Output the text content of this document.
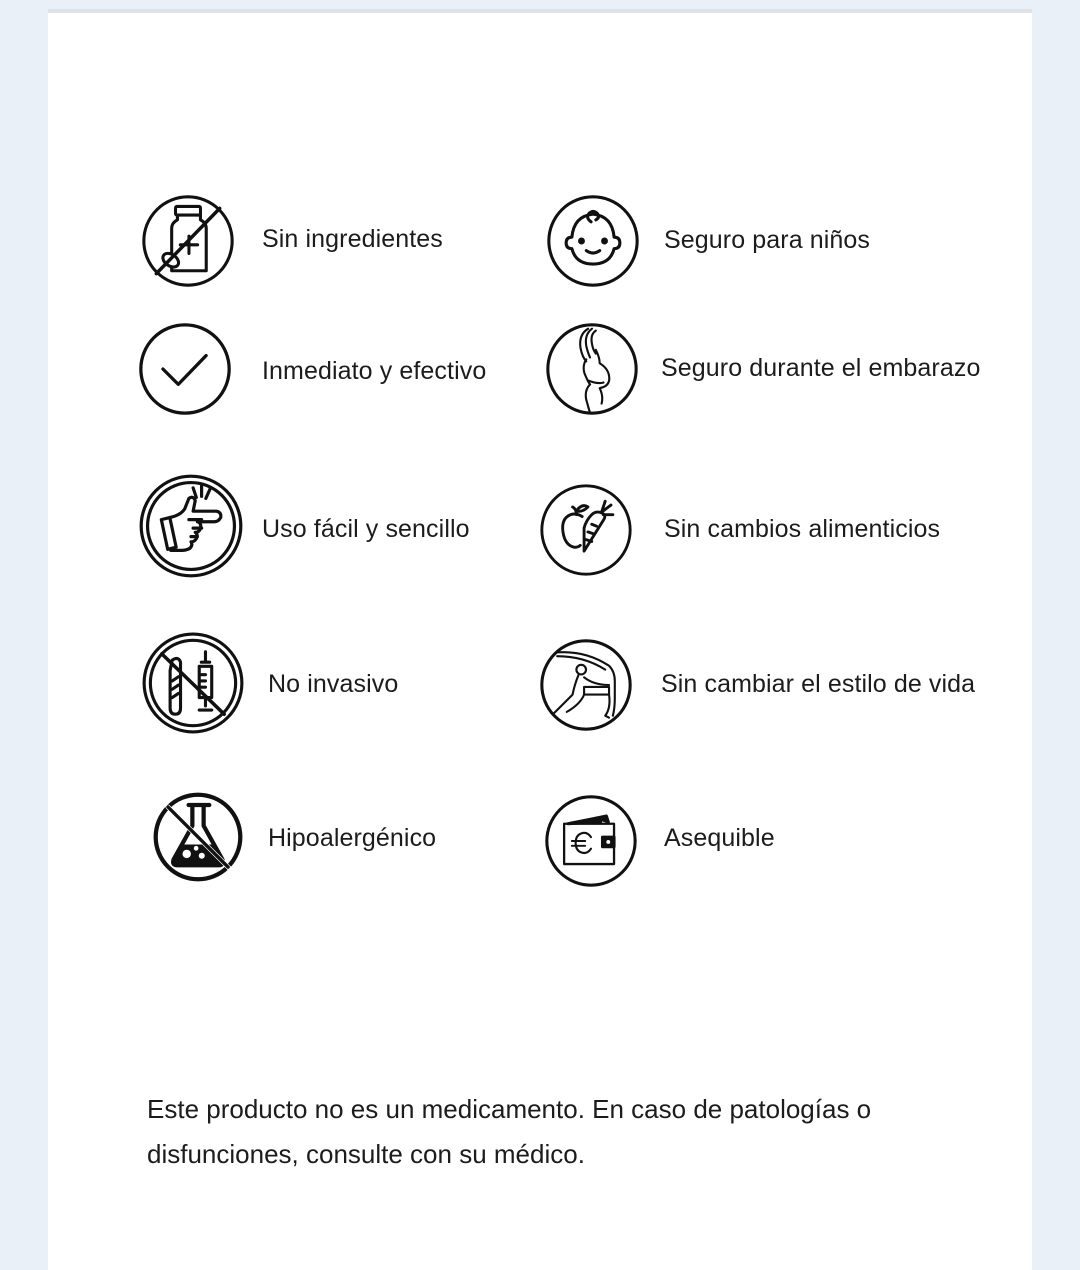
Sin ingredientes
Inmediato y efectivo
Uso fácil y sencillo
No invasivo
Hipoalergénico
Seguro para niños
Seguro durante el embarazo
Sin cambios alimenticios
Sin cambiar el estilo de vida
Asequible

Este producto no es un medicamento. En caso de patologías o disfunciones, consulte con su médico.
